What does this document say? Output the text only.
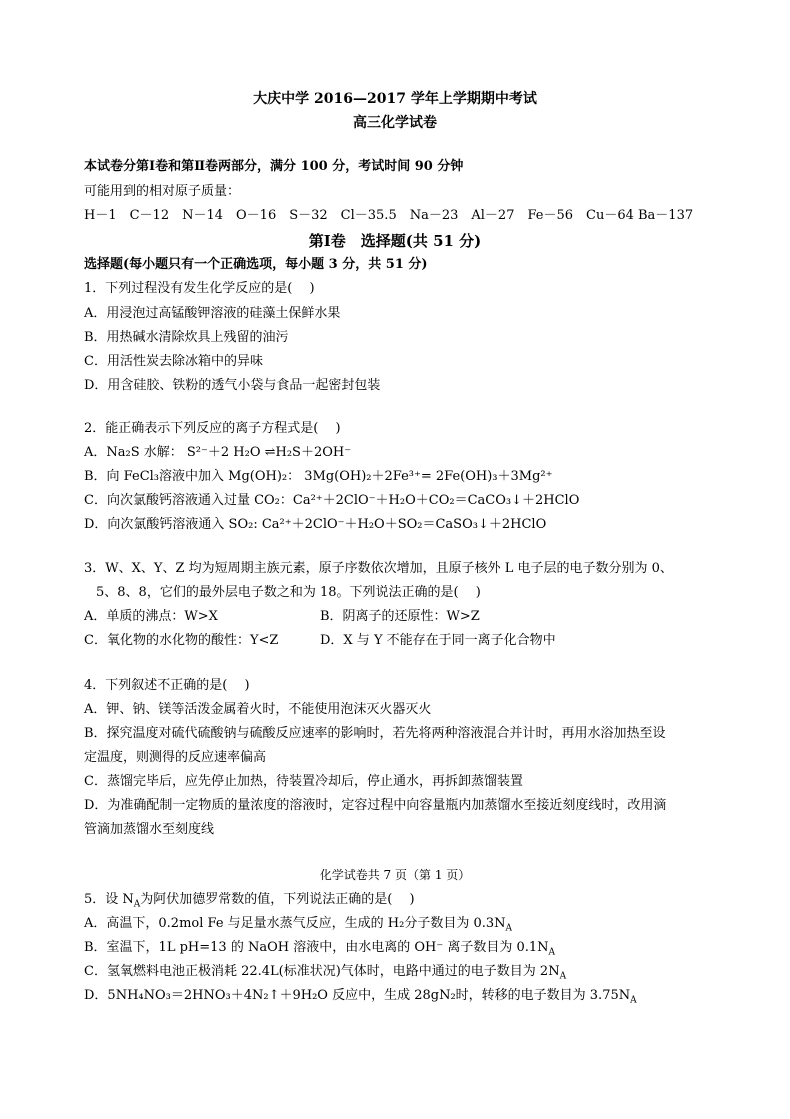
大庆中学 2016—2017 学年上学期期中考试
高三化学试卷
本试卷分第Ⅰ卷和第Ⅱ卷两部分，满分 100 分，考试时间 90 分钟
可能用到的相对原子质量：
H－1　C－12　N－14　O－16　S－32　Cl－35.5　Na－23　Al－27　Fe－56　Cu－64 Ba－137
第Ⅰ卷　选择题(共 51 分)
选择题(每小题只有一个正确选项，每小题 3 分，共 51 分)
1．下列过程没有发生化学反应的是(　 )
A．用浸泡过高锰酸钾溶液的硅藻土保鲜水果
B．用热碱水清除炊具上残留的油污
C．用活性炭去除冰箱中的异味
D．用含硅胶、铁粉的透气小袋与食品一起密封包装
2．能正确表示下列反应的离子方程式是(　 )
A．Na₂S 水解： S²⁻＋2 H₂O ⇌H₂S＋2OH⁻
B．向 FeCl₃溶液中加入 Mg(OH)₂： 3Mg(OH)₂＋2Fe³⁺= 2Fe(OH)₃＋3Mg²⁺
C．向次氯酸钙溶液通入过量 CO₂：Ca²⁺＋2ClO⁻＋H₂O＋CO₂＝CaCO₃↓＋2HClO
D．向次氯酸钙溶液通入 SO₂: Ca²⁺＋2ClO⁻＋H₂O＋SO₂＝CaSO₃↓＋2HClO
3．W、X、Y、Z 均为短周期主族元素，原子序数依次增加，且原子核外 L 电子层的电子数分别为 0、
5、8、8，它们的最外层电子数之和为 18。下列说法正确的是(　 )
A．单质的沸点：W>X	B．阴离子的还原性：W>Z
C．氧化物的水化物的酸性：Y<Z	D．X 与 Y 不能存在于同一离子化合物中
4．下列叙述不正确的是(　 )
A．钾、钠、镁等活泼金属着火时，不能使用泡沫灭火器灭火
B．探究温度对硫代硫酸钠与硫酸反应速率的影响时，若先将两种溶液混合并计时，再用水浴加热至设
定温度，则测得的反应速率偏高
C．蒸馏完毕后，应先停止加热，待装置冷却后，停止通水，再拆卸蒸馏装置
D．为准确配制一定物质的量浓度的溶液时，定容过程中向容量瓶内加蒸馏水至接近刻度线时，改用滴
管滴加蒸馏水至刻度线
化学试卷共 7 页（第 1 页）
5．设 $N_A$为阿伏加德罗常数的值，下列说法正确的是(　 )
A．高温下，0.2mol Fe 与足量水蒸气反应，生成的 H₂分子数目为 $0.3N_A$
B．室温下，1L pH=13 的 NaOH 溶液中，由水电离的 OH⁻ 离子数目为 $0.1N_A$
C．氢氧燃料电池正极消耗 22.4L(标准状况)气体时，电路中通过的电子数目为 $2N_A$
D．5NH₄NO₃＝2HNO₃＋4N₂↑＋9H₂O 反应中，生成 28gN₂时，转移的电子数目为 $3.75N_A$
